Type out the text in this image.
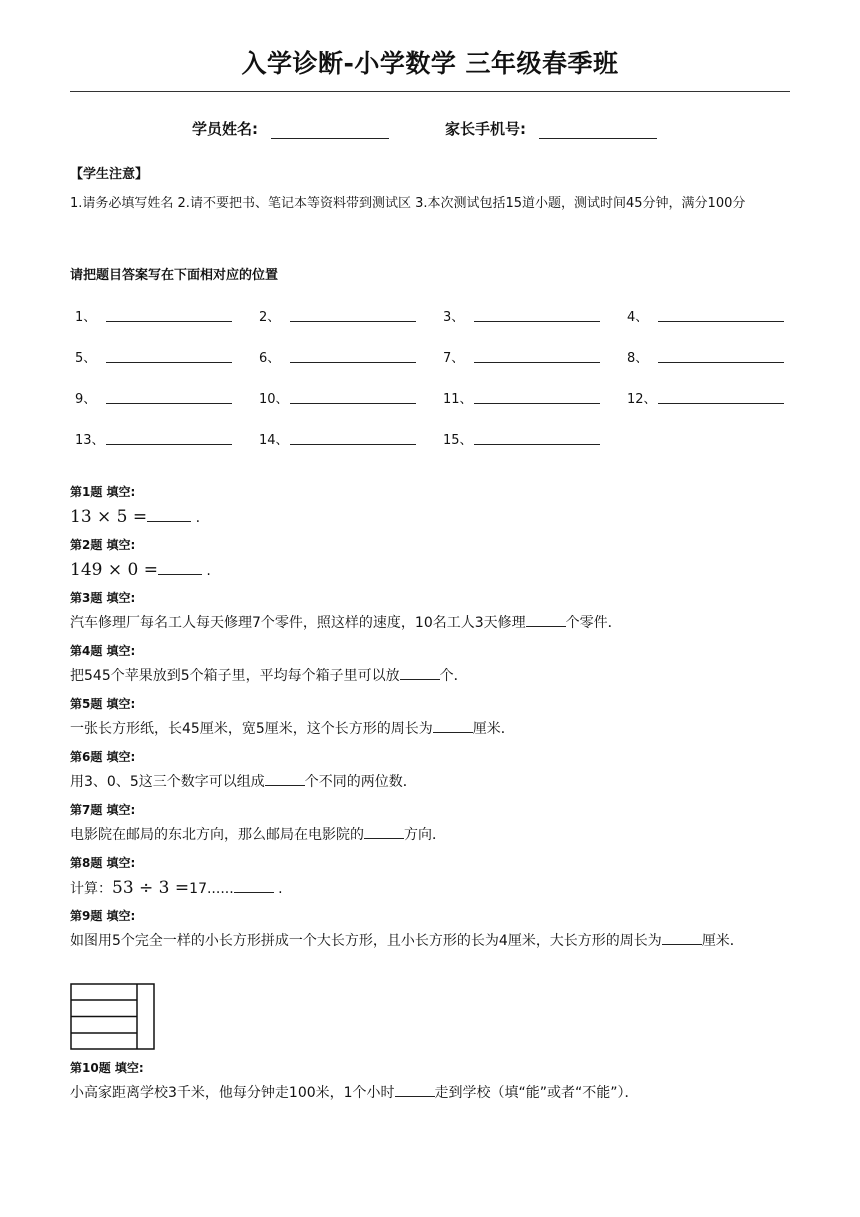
入学诊断-小学数学 三年级春季班
学员姓名:	家长手机号:
【学生注意】
1.请务必填写姓名 2.请不要把书、笔记本等资料带到测试区 3.本次测试包括15道小题，测试时间45分钟，满分100分
请把题目答案写在下面相对应的位置
1、	2、	3、	4、
5、	6、	7、	8、
9、	10、	11、	12、
13、	14、	15、
第1题 填空:
13 × 5 =	.
第2题 填空:
149 × 0 =	.
第3题 填空:
汽车修理厂每名工人每天修理7个零件，照这样的速度，10名工人3天修理	个零件．
第4题 填空:
把545个苹果放到5个箱子里，平均每个箱子里可以放	个．
第5题 填空:
一张长方形纸，长45厘米，宽5厘米，这个长方形的周长为	厘米．
第6题 填空:
用3、0、5这三个数字可以组成	个不同的两位数．
第7题 填空:
电影院在邮局的东北方向，那么邮局在电影院的	方向．
第8题 填空:
计算：53 ÷ 3 =17......	.
第9题 填空:
如图用5个完全一样的小长方形拼成一个大长方形，且小长方形的长为4厘米，大长方形的周长为	厘米．
第10题 填空:
小高家距离学校3千米，他每分钟走100米，1个小时	走到学校（填“能”或者“不能”）．
